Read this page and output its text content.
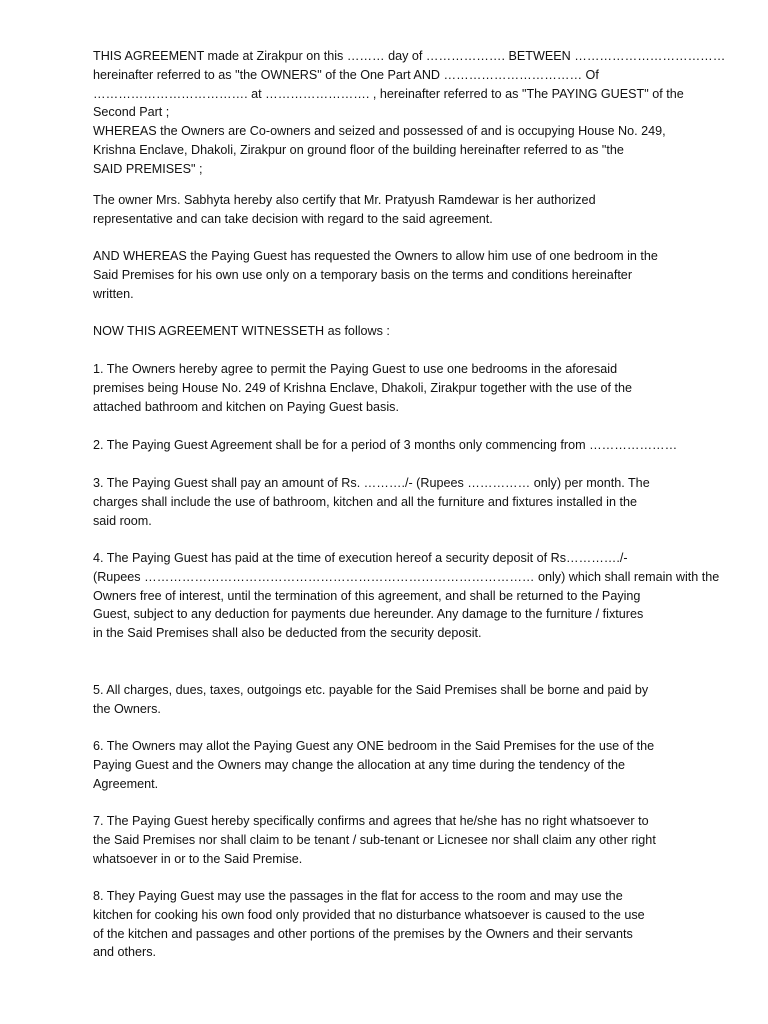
THIS AGREEMENT made at Zirakpur on this ……… day of ………………. BETWEEN ………………………………
hereinafter referred to as "the OWNERS" of the One Part AND …………………………… Of
………………………………. at ……………………. , hereinafter referred to as "The PAYING GUEST" of the
Second Part ;
WHEREAS the Owners are Co-owners and seized and possessed of and is occupying House No. 249,
Krishna Enclave, Dhakoli, Zirakpur on ground floor of the building hereinafter referred to as "the
SAID PREMISES" ;
The owner Mrs. Sabhyta hereby also certify that Mr. Pratyush Ramdewar is her authorized
representative and can take decision with regard to the said agreement.
AND WHEREAS the Paying Guest has requested the Owners to allow him use of one bedroom in the
Said Premises for his own use only on a temporary basis on the terms and conditions hereinafter
written.
NOW THIS AGREEMENT WITNESSETH as follows :
1. The Owners hereby agree to permit the Paying Guest to use one bedrooms in the aforesaid
premises being House No. 249 of Krishna Enclave, Dhakoli, Zirakpur together with the use of the
attached bathroom and kitchen on Paying Guest basis.
2. The Paying Guest Agreement shall be for a period of 3 months only commencing from …………………
3. The Paying Guest shall pay an amount of Rs. ………./- (Rupees …………… only) per month. The
charges shall include the use of bathroom, kitchen and all the furniture and fixtures installed in the
said room.
4. The Paying Guest has paid at the time of execution hereof a security deposit of Rs…………./-
(Rupees ………………………………………………………………………………… only) which shall remain with the
Owners free of interest, until the termination of this agreement, and shall be returned to the Paying
Guest, subject to any deduction for payments due hereunder. Any damage to the furniture / fixtures
in the Said Premises shall also be deducted from the security deposit.
5. All charges, dues, taxes, outgoings etc. payable for the Said Premises shall be borne and paid by
the Owners.
6. The Owners may allot the Paying Guest any ONE bedroom in the Said Premises for the use of the
Paying Guest and the Owners may change the allocation at any time during the tendency of the
Agreement.
7. The Paying Guest hereby specifically confirms and agrees that he/she has no right whatsoever to
the Said Premises nor shall claim to be tenant / sub-tenant or Licnesee nor shall claim any other right
whatsoever in or to the Said Premise.
8. They Paying Guest may use the passages in the flat for access to the room and may use the
kitchen for cooking his own food only provided that no disturbance whatsoever is caused to the use
of the kitchen and passages and other portions of the premises by the Owners and their servants
and others.
